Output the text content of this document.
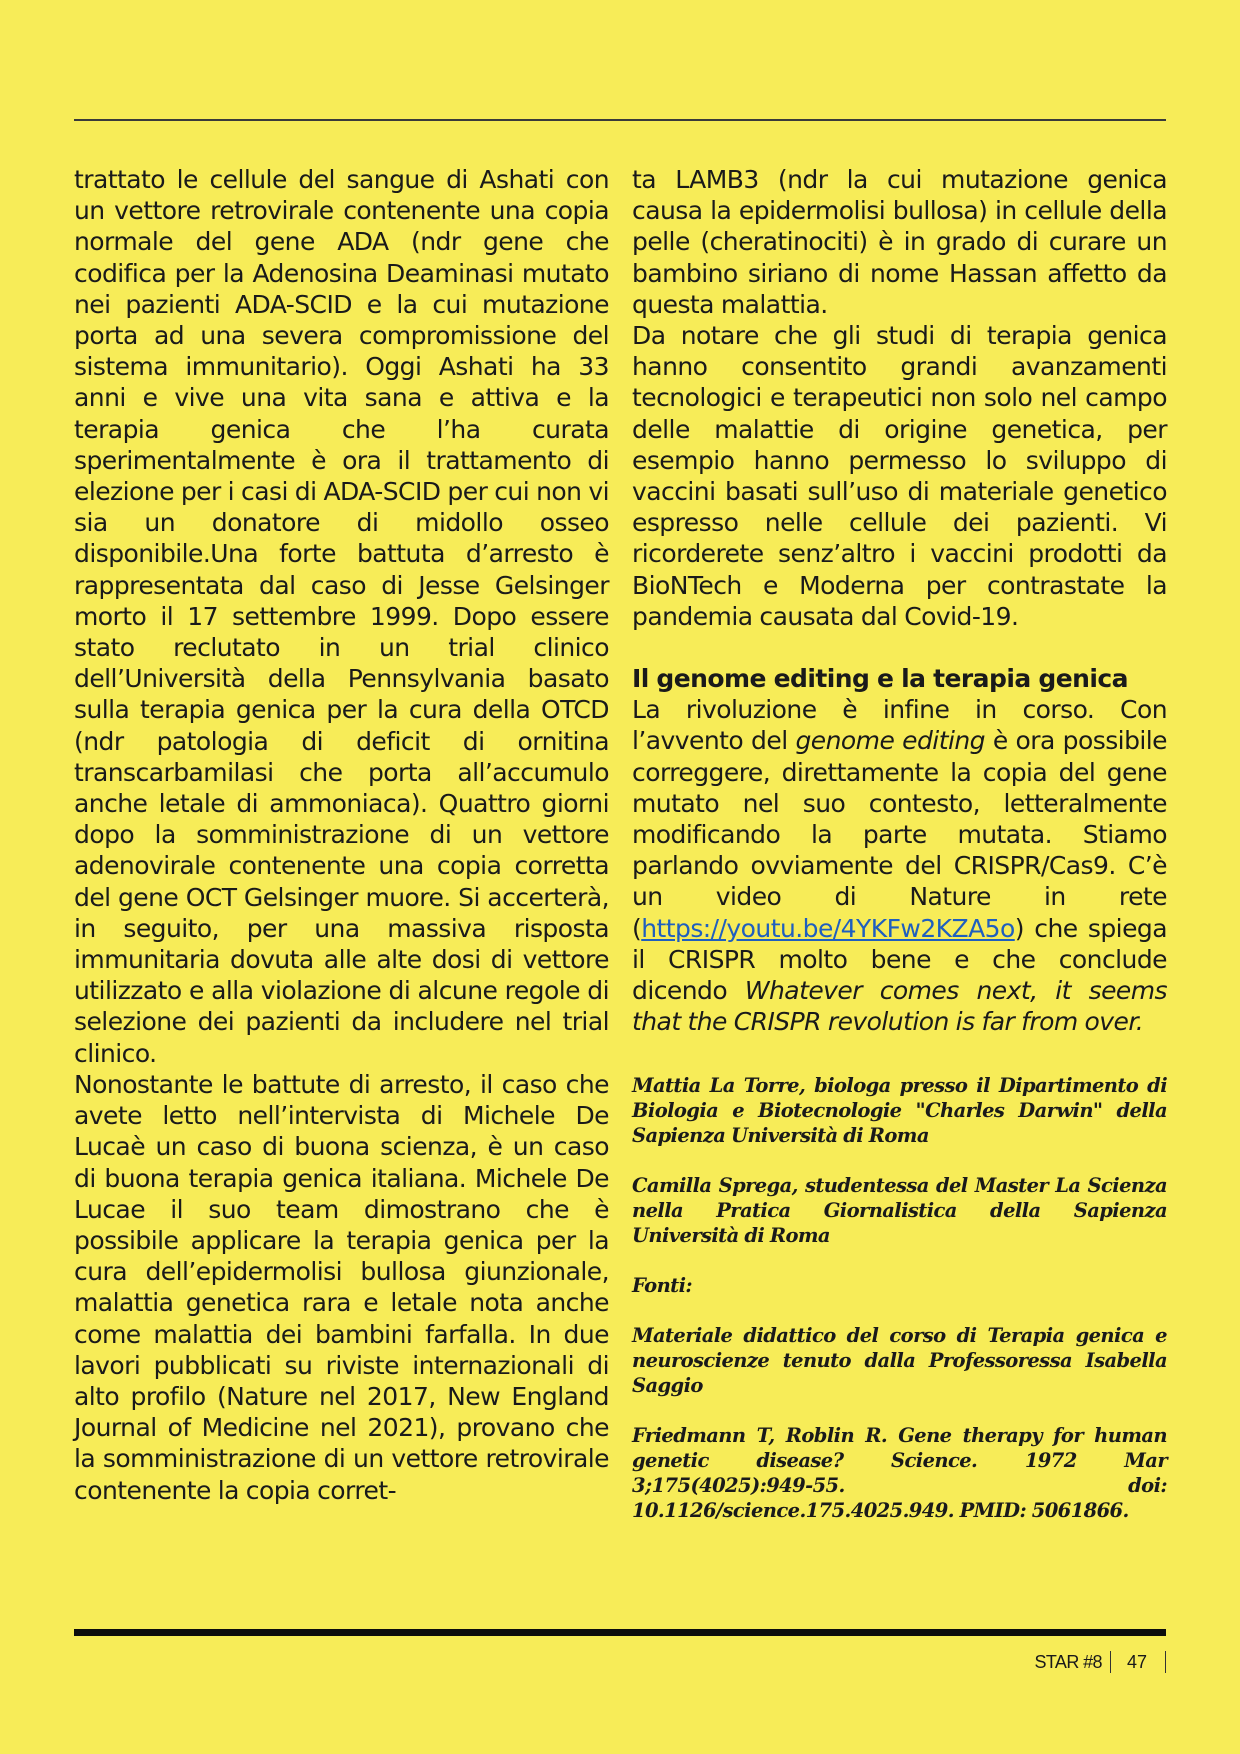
trattato le cellule del sangue di Ashati con un vettore retrovirale contenente una copia normale del gene ADA (ndr gene che codifica per la Adenosina Deaminasi mutato nei pazienti ADA-SCID e la cui mutazione porta ad una severa compromissione del sistema immunitario). Oggi Ashati ha 33 anni e vive una vita sana e attiva e la terapia genica che l’ha curata sperimentalmente è ora il trattamento di elezione per i casi di ADA-SCID per cui non vi sia un donatore di midollo osseo disponibile.Una forte battuta d’arresto è rappresentata dal caso di Jesse Gelsinger morto il 17 settembre 1999. Dopo essere stato reclutato in un trial clinico dell’Università della Pennsylvania basato sulla terapia genica per la cura della OTCD (ndr patologia di deficit di ornitina transcarbamilasi che porta all’accumulo anche letale di ammoniaca). Quattro giorni dopo la somministrazione di un vettore adenovirale contenente una copia corretta del gene OCT Gelsinger muore. Si accerterà, in seguito, per una massiva risposta immunitaria dovuta alle alte dosi di vettore utilizzato e alla violazione di alcune regole di selezione dei pazienti da includere nel trial clinico.

Nonostante le battute di arresto, il caso che avete letto nell’intervista di Michele De Lucaè un caso di buona scienza, è un caso di buona terapia genica italiana. Michele De Lucae il suo team dimostrano che è possibile applicare la terapia genica per la cura dell’epidermolisi bullosa giunzionale, malattia genetica rara e letale nota anche come malattia dei bambini farfalla. In due lavori pubblicati su riviste internazionali di alto profilo (Nature nel 2017, New England Journal of Medicine nel 2021), provano che la somministrazione di un vettore retrovirale contenente la copia corret-

ta LAMB3 (ndr la cui mutazione genica causa la epidermolisi bullosa) in cellule della pelle (cheratinociti) è in grado di curare un bambino siriano di nome Hassan affetto da questa malattia.

Da notare che gli studi di terapia genica hanno consentito grandi avanzamenti tecnologici e terapeutici non solo nel campo delle malattie di origine genetica, per esempio hanno permesso lo sviluppo di vaccini basati sull’uso di materiale genetico espresso nelle cellule dei pazienti. Vi ricorderete senz’altro i vaccini prodotti da BioNTech e Moderna per contrastate la pandemia causata dal Covid-19.

Il genome editing e la terapia genica

La rivoluzione è infine in corso. Con l’avvento del genome editing è ora possibile correggere, direttamente la copia del gene mutato nel suo contesto, letteralmente modificando la parte mutata. Stiamo parlando ovviamente del CRISPR/Cas9. C’è un video di Nature in rete (https://youtu.be/4YKFw2KZA5o) che spiega il CRISPR molto bene e che conclude dicendo Whatever comes next, it seems that the CRISPR revolution is far from over.

Mattia La Torre, biologa presso il Dipartimento di Biologia e Biotecnologie "Charles Darwin" della Sapienza Università di Roma

Camilla Sprega, studentessa del Master La Scienza nella Pratica Giornalistica della Sapienza Università di Roma

Fonti:

Materiale didattico del corso di Terapia genica e neuroscienze tenuto dalla Professoressa Isabella Saggio

Friedmann T, Roblin R. Gene therapy for human genetic disease? Science. 1972 Mar 3;175(4025):949-55. doi: 10.1126/science.175.4025.949. PMID: 5061866.

STAR #8 47
